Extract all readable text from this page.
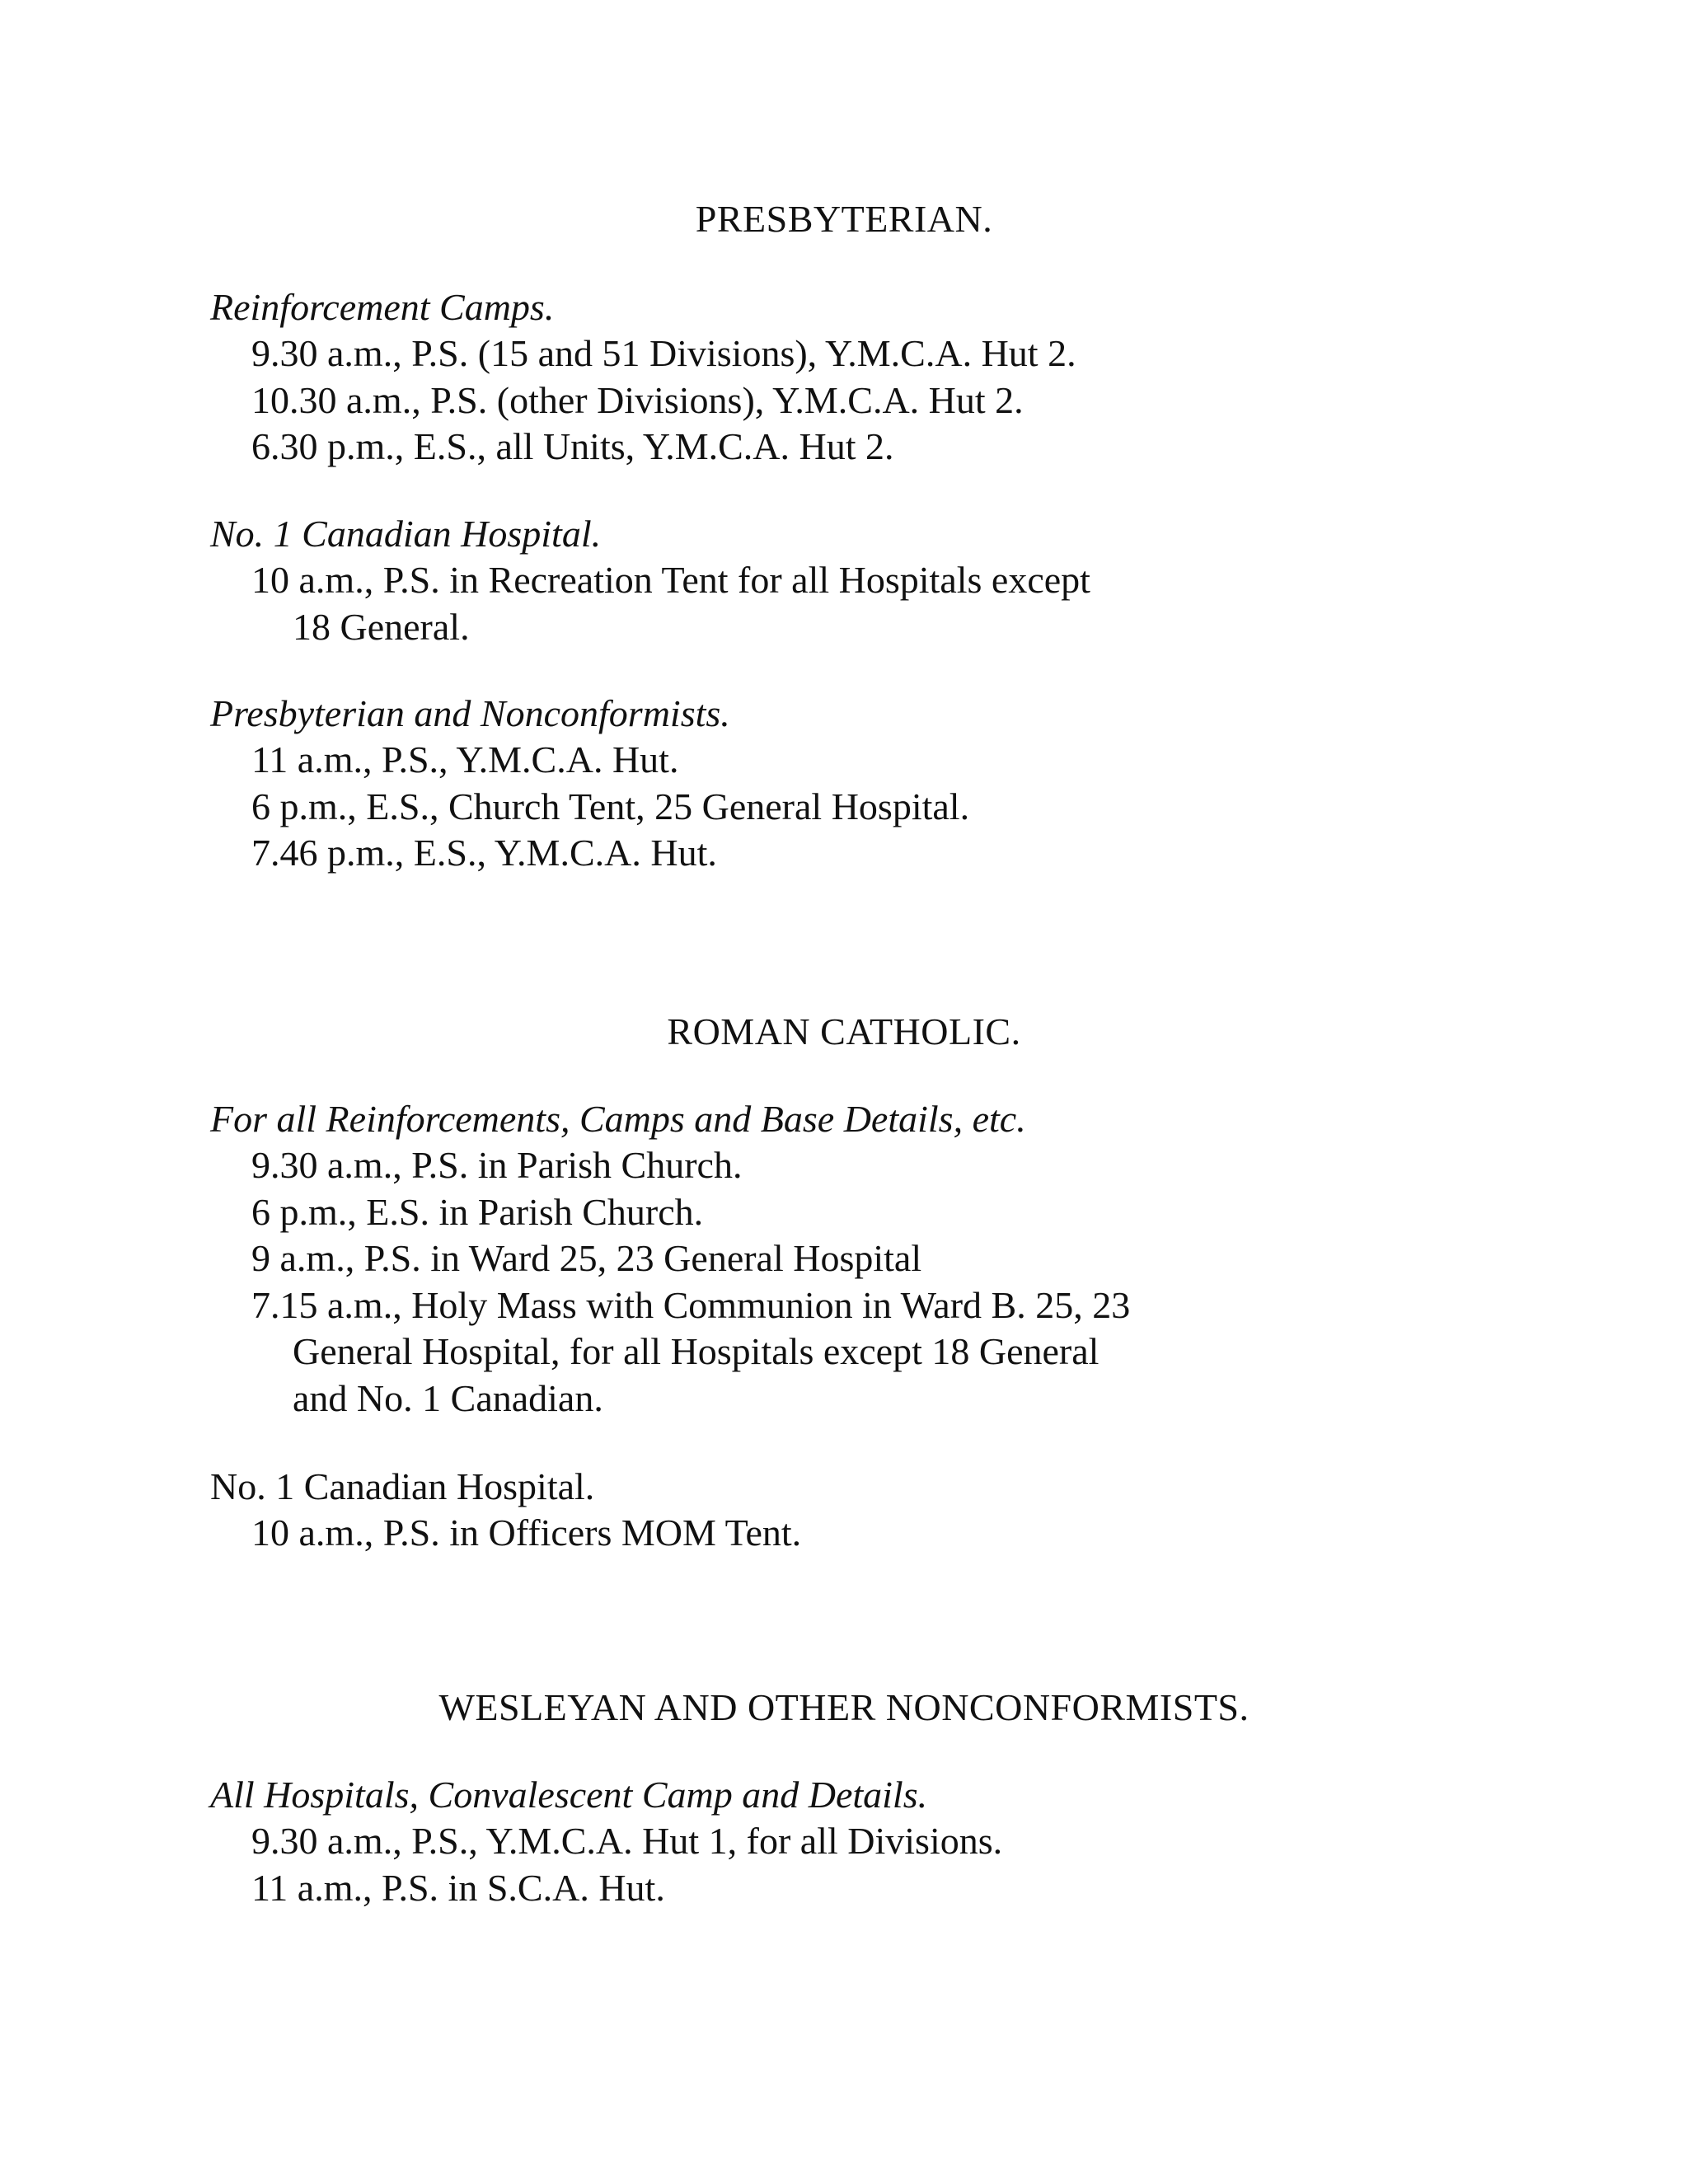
PRESBYTERIAN.

Reinforcement Camps.

9.30 a.m., P.S. (15 and 51 Divisions), Y.M.C.A. Hut 2.
10.30 a.m., P.S. (other Divisions), Y.M.C.A. Hut 2.
6.30 p.m., E.S., all Units, Y.M.C.A. Hut 2.

No. 1 Canadian Hospital.

10 a.m., P.S. in Recreation Tent for all Hospitals except
18 General.

Presbyterian and Nonconformists.

11 a.m., P.S., Y.M.C.A. Hut.
6 p.m., E.S., Church Tent, 25 General Hospital.
7.46 p.m., E.S., Y.M.C.A. Hut.
ROMAN CATHOLIC.

For all Reinforcements, Camps and Base Details, etc.

9.30 a.m., P.S. in Parish Church.
6 p.m., E.S. in Parish Church.
9 a.m., P.S. in Ward 25, 23 General Hospital
7.15 a.m., Holy Mass with Communion in Ward B. 25, 23
General Hospital, for all Hospitals except 18 General
and No. 1 Canadian.

No. 1 Canadian Hospital.

10 a.m., P.S. in Officers MOM Tent.
WESLEYAN AND OTHER NONCONFORMISTS.

All Hospitals, Convalescent Camp and Details.

9.30 a.m., P.S., Y.M.C.A. Hut 1, for all Divisions.
11 a.m., P.S. in S.C.A. Hut.
